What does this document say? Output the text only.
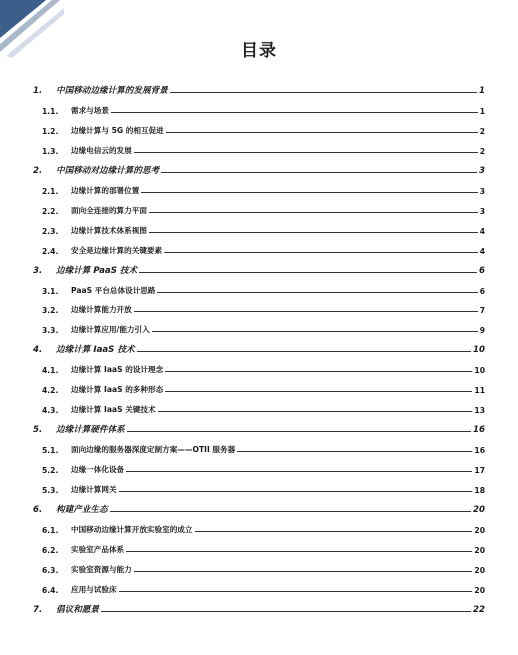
目录
1.	中国移动边缘计算的发展背景	1
1.1.	需求与场景	1
1.2.	边缘计算与 5G 的相互促进	2
1.3.	边缘电信云的发展	2
2.	中国移动对边缘计算的思考	3
2.1.	边缘计算的部署位置	3
2.2.	面向全连接的算力平面	3
2.3.	边缘计算技术体系视图	4
2.4.	安全是边缘计算的关键要素	4
3.	边缘计算 PaaS 技术	6
3.1.	PaaS 平台总体设计思路	6
3.2.	边缘计算能力开放	7
3.3.	边缘计算应用/能力引入	9
4.	边缘计算 IaaS 技术	10
4.1.	边缘计算 IaaS 的设计理念	10
4.2.	边缘计算 IaaS 的多种形态	11
4.3.	边缘计算 IaaS 关键技术	13
5.	边缘计算硬件体系	16
5.1.	面向边缘的服务器深度定制方案——OTII 服务器	16
5.2.	边缘一体化设备	17
5.3.	边缘计算网关	18
6.	构建产业生态	20
6.1.	中国移动边缘计算开放实验室的成立	20
6.2.	实验室产品体系	20
6.3.	实验室资源与能力	20
6.4.	应用与试验床	20
7.	倡议和愿景	22
